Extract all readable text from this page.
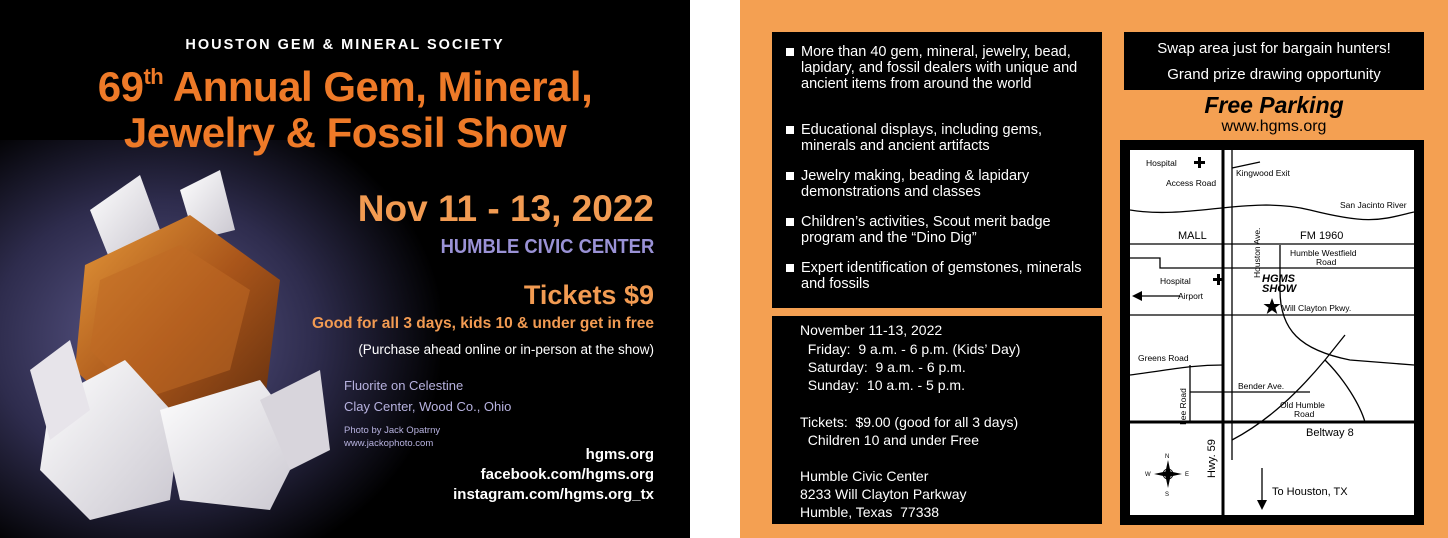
HOUSTON GEM & MINERAL SOCIETY
69th Annual Gem, Mineral,
Jewelry & Fossil Show
Nov 11 - 13, 2022
HUMBLE CIVIC CENTER
Tickets $9
Good for all 3 days, kids 10 & under get in free
(Purchase ahead online or in-person at the show)
Fluorite on Celestine
Clay Center, Wood Co., Ohio
Photo by Jack Opatrny
www.jackophoto.com
hgms.org
facebook.com/hgms.org
instagram.com/hgms.org_tx
More than 40 gem, mineral, jewelry, bead, lapidary, and fossil dealers with unique and ancient items from around the world
Educational displays, including gems, minerals and ancient artifacts
Jewelry making, beading & lapidary demonstrations and classes
Children’s activities, Scout merit badge program and the “Dino Dig”
Expert identification of gemstones, minerals and fossils
November 11-13, 2022
Friday:  9 a.m. - 6 p.m. (Kids’ Day)
Saturday:  9 a.m. - 6 p.m.
Sunday:  10 a.m. - 5 p.m.
Tickets:  $9.00 (good for all 3 days)
Children 10 and under Free
Humble Civic Center
8233 Will Clayton Parkway
Humble, Texas  77338
Swap area just for bargain hunters!
Grand prize drawing opportunity
Free Parking
www.hgms.org
Hospital
Access Road
Kingwood Exit
San Jacinto River
MALL	FM 1960
Humble Westfield
Road
Hospital
Airport
Houston Ave.
HGMS
SHOW
Will Clayton Pkwy.
Greens Road
Lee Road
Bender Ave.
Old Humble
Road
Beltway 8
Hwy. 59
To Houston, TX
N
E
S
W
